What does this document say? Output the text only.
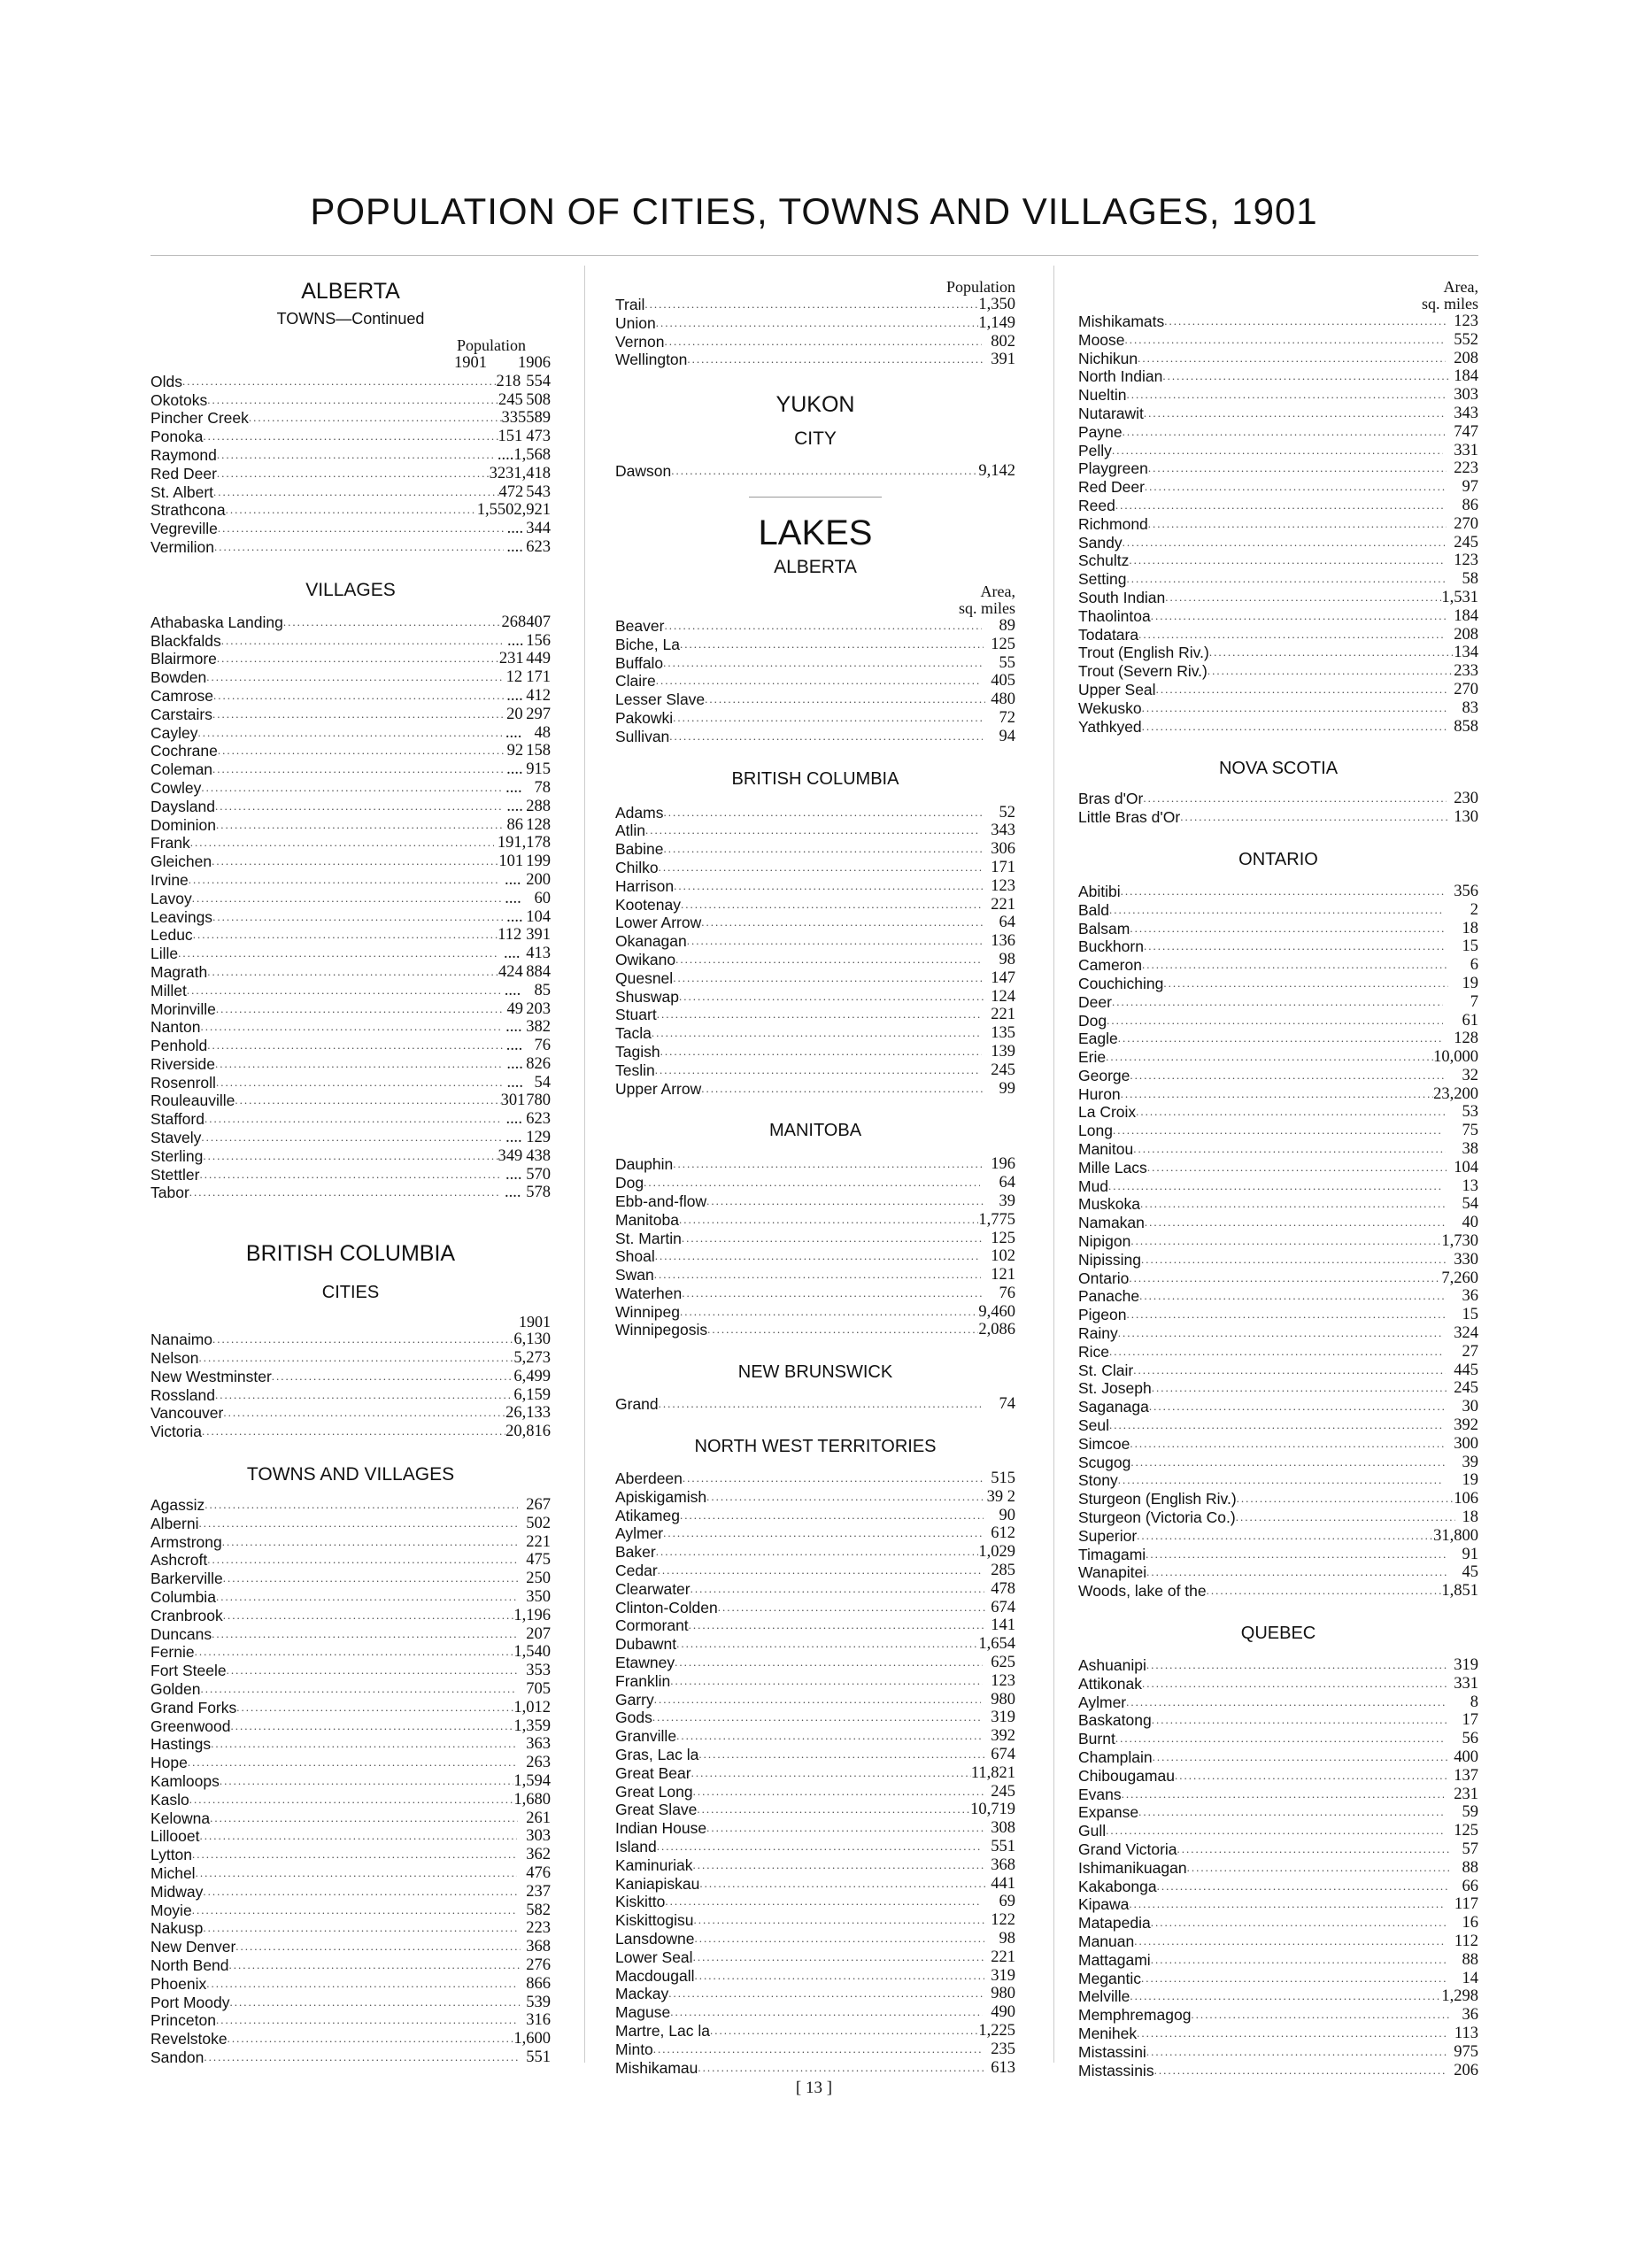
POPULATION OF CITIES, TOWNS AND VILLAGES, 1901
ALBERTA
TOWNS—Continued
Population
1901	1906
Olds .....	218 554
Okotoks .....	245 508
Pincher Creek .....	335 589
Ponoka .....	151 473
Raymond .....	.... 1,568
Red Deer .....	323 1,418
St. Albert .....	472 543
Strathcona .....	1,550 2,921
Vegreville .....	.... 344
Vermilion .....	.... 623
VILLAGES
Athabaska Landing .....	268 407
Blackfalds .....	.... 156
Blairmore .....	231 449
Bowden .....	12 171
Camrose .....	.... 412
Carstairs .....	20 297
Cayley .....	.... 48
Cochrane .....	92 158
Coleman .....	.... 915
Cowley .....	.... 78
Daysland .....	.... 288
Dominion .....	86 128
Frank .....	19 1,178
Gleichen .....	101 199
Irvine .....	.... 200
Lavoy .....	.... 60
Leavings .....	.... 104
Leduc .....	112 391
Lille .....	.... 413
Magrath .....	424 884
Millet .....	.... 85
Morinville .....	49 203
Nanton .....	.... 382
Penhold .....	.... 76
Riverside .....	.... 826
Rosenroll .....	.... 54
Rouleauville .....	301 780
Stafford .....	.... 623
Stavely .....	.... 129
Sterling .....	349 438
Stettler .....	.... 570
Tabor .....	.... 578
BRITISH COLUMBIA
CITIES
1901
Nanaimo .....	6,130
Nelson .....	5,273
New Westminster .....	6,499
Rossland .....	6,159
Vancouver .....	26,133
Victoria .....	20,816
TOWNS AND VILLAGES
Agassiz .....	267
Alberni .....	502
Armstrong .....	221
Ashcroft .....	475
Barkerville .....	250
Columbia .....	350
Cranbrook .....	1,196
Duncans .....	207
Fernie .....	1,540
Fort Steele .....	353
Golden .....	705
Grand Forks .....	1,012
Greenwood .....	1,359
Hastings .....	363
Hope .....	263
Kamloops .....	1,594
Kaslo .....	1,680
Kelowna .....	261
Lillooet .....	303
Lytton .....	362
Michel .....	476
Midway .....	237
Moyie .....	582
Nakusp .....	223
New Denver .....	368
North Bend .....	276
Phoenix .....	866
Port Moody .....	539
Princeton .....	316
Revelstoke .....	1,600
Sandon .....	551
Population
Trail .....	1,350
Union .....	1,149
Vernon .....	802
Wellington .....	391
YUKON
CITY
Dawson .....	9,142
LAKES
ALBERTA
Area,
sq. miles
Beaver .....	89
Biche, La .....	125
Buffalo .....	55
Claire .....	405
Lesser Slave .....	480
Pakowki .....	72
Sullivan .....	94
BRITISH COLUMBIA
Adams .....	52
Atlin .....	343
Babine .....	306
Chilko .....	171
Harrison .....	123
Kootenay .....	221
Lower Arrow .....	64
Okanagan .....	136
Owikano .....	98
Quesnel .....	147
Shuswap .....	124
Stuart .....	221
Tacla .....	135
Tagish .....	139
Teslin .....	245
Upper Arrow .....	99
MANITOBA
Dauphin .....	196
Dog .....	64
Ebb-and-flow .....	39
Manitoba .....	1,775
St. Martin .....	125
Shoal .....	102
Swan .....	121
Waterhen .....	76
Winnipeg .....	9,460
Winnipegosis .....	2,086
NEW BRUNSWICK
Grand .....	74
NORTH WEST TERRITORIES
Aberdeen .....	515
Apiskigamish .....	39 2
Atikameg .....	90
Aylmer .....	612
Baker .....	1,029
Cedar .....	285
Clearwater .....	478
Clinton-Colden .....	674
Cormorant .....	141
Dubawnt .....	1,654
Etawney .....	625
Franklin .....	123
Garry .....	980
Gods .....	319
Granville .....	392
Gras, Lac la .....	674
Great Bear .....	11,821
Great Long .....	245
Great Slave .....	10,719
Indian House .....	308
Island .....	551
Kaminuriak .....	368
Kaniapiskau .....	441
Kiskitto .....	69
Kiskittogisu .....	122
Lansdowne .....	98
Lower Seal .....	221
Macdougall .....	319
Mackay .....	980
Maguse .....	490
Martre, Lac la .....	1,225
Minto .....	235
Mishikamau .....	613
Area,
sq. miles
Mishikamats .....	123
Moose .....	552
Nichikun .....	208
North Indian .....	184
Nueltin .....	303
Nutarawit .....	343
Payne .....	747
Pelly .....	331
Playgreen .....	223
Red Deer .....	97
Reed .....	86
Richmond .....	270
Sandy .....	245
Schultz .....	123
Setting .....	58
South Indian .....	1,531
Thaolintoa .....	184
Todatara .....	208
Trout (English Riv.) .....	134
Trout (Severn Riv.) .....	233
Upper Seal .....	270
Wekusko .....	83
Yathkyed .....	858
NOVA SCOTIA
Bras d'Or .....	230
Little Bras d'Or .....	130
ONTARIO
Abitibi .....	356
Bald .....	2
Balsam .....	18
Buckhorn .....	15
Cameron .....	6
Couchiching .....	19
Deer .....	7
Dog .....	61
Eagle .....	128
Erie .....	10,000
George .....	32
Huron .....	23,200
La Croix .....	53
Long .....	75
Manitou .....	38
Mille Lacs .....	104
Mud .....	13
Muskoka .....	54
Namakan .....	40
Nipigon .....	1,730
Nipissing .....	330
Ontario .....	7,260
Panache .....	36
Pigeon .....	15
Rainy .....	324
Rice .....	27
St. Clair .....	445
St. Joseph .....	245
Saganaga .....	30
Seul .....	392
Simcoe .....	300
Scugog .....	39
Stony .....	19
Sturgeon (English Riv.) .....	106
Sturgeon (Victoria Co.) .....	18
Superior .....	31,800
Timagami .....	91
Wanapitei .....	45
Woods, lake of the .....	1,851
QUEBEC
Ashuanipi .....	319
Attikonak .....	331
Aylmer .....	8
Baskatong .....	17
Burnt .....	56
Champlain .....	400
Chibougamau .....	137
Evans .....	231
Expanse .....	59
Gull .....	125
Grand Victoria .....	57
Ishimanikuagan .....	88
Kakabonga .....	66
Kipawa .....	117
Matapedia .....	16
Manuan .....	112
Mattagami .....	88
Megantic .....	14
Melville .....	1,298
Memphremagog .....	36
Menihek .....	113
Mistassini .....	975
Mistassinis .....	206
[ 13 ]
